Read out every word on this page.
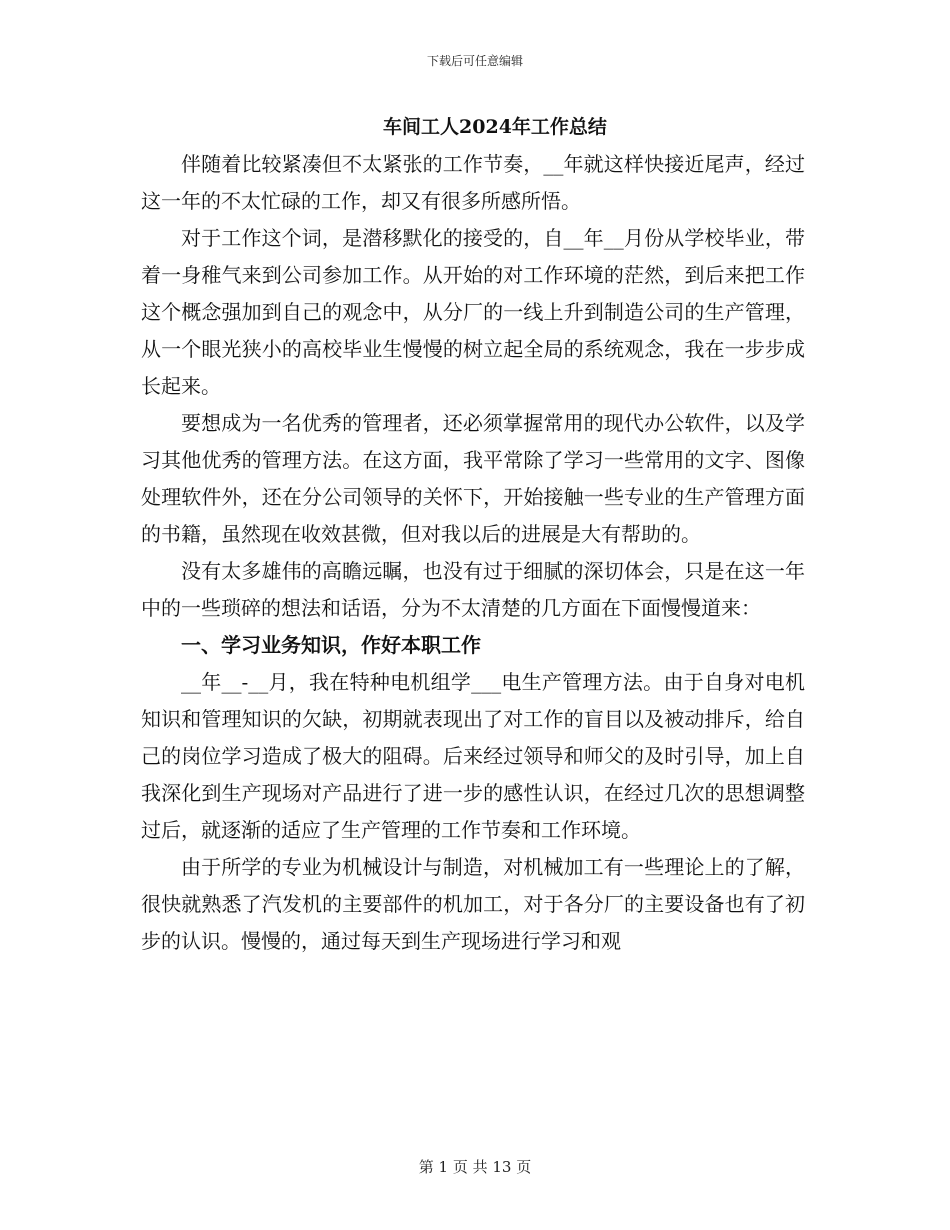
下载后可任意编辑
车间工人2024年工作总结

伴随着比较紧凑但不太紧张的工作节奏，__年就这样快接近尾声，经过这一年的不太忙碌的工作，却又有很多所感所悟。

对于工作这个词，是潜移默化的接受的，自__年__月份从学校毕业，带着一身稚气来到公司参加工作。从开始的对工作环境的茫然，到后来把工作这个概念强加到自己的观念中，从分厂的一线上升到制造公司的生产管理，从一个眼光狭小的高校毕业生慢慢的树立起全局的系统观念，我在一步步成长起来。

要想成为一名优秀的管理者，还必须掌握常用的现代办公软件，以及学习其他优秀的管理方法。在这方面，我平常除了学习一些常用的文字、图像处理软件外，还在分公司领导的关怀下，开始接触一些专业的生产管理方面的书籍，虽然现在收效甚微，但对我以后的进展是大有帮助的。

没有太多雄伟的高瞻远瞩，也没有过于细腻的深切体会，只是在这一年中的一些琐碎的想法和话语，分为不太清楚的几方面在下面慢慢道来：

一、学习业务知识，作好本职工作

__年__-__月，我在特种电机组学___电生产管理方法。由于自身对电机知识和管理知识的欠缺，初期就表现出了对工作的盲目以及被动排斥，给自己的岗位学习造成了极大的阻碍。后来经过领导和师父的及时引导，加上自我深化到生产现场对产品进行了进一步的感性认识，在经过几次的思想调整过后，就逐渐的适应了生产管理的工作节奏和工作环境。

由于所学的专业为机械设计与制造，对机械加工有一些理论上的了解，很快就熟悉了汽发机的主要部件的机加工，对于各分厂的主要设备也有了初步的认识。慢慢的，通过每天到生产现场进行学习和观

第 1 页 共 13 页
